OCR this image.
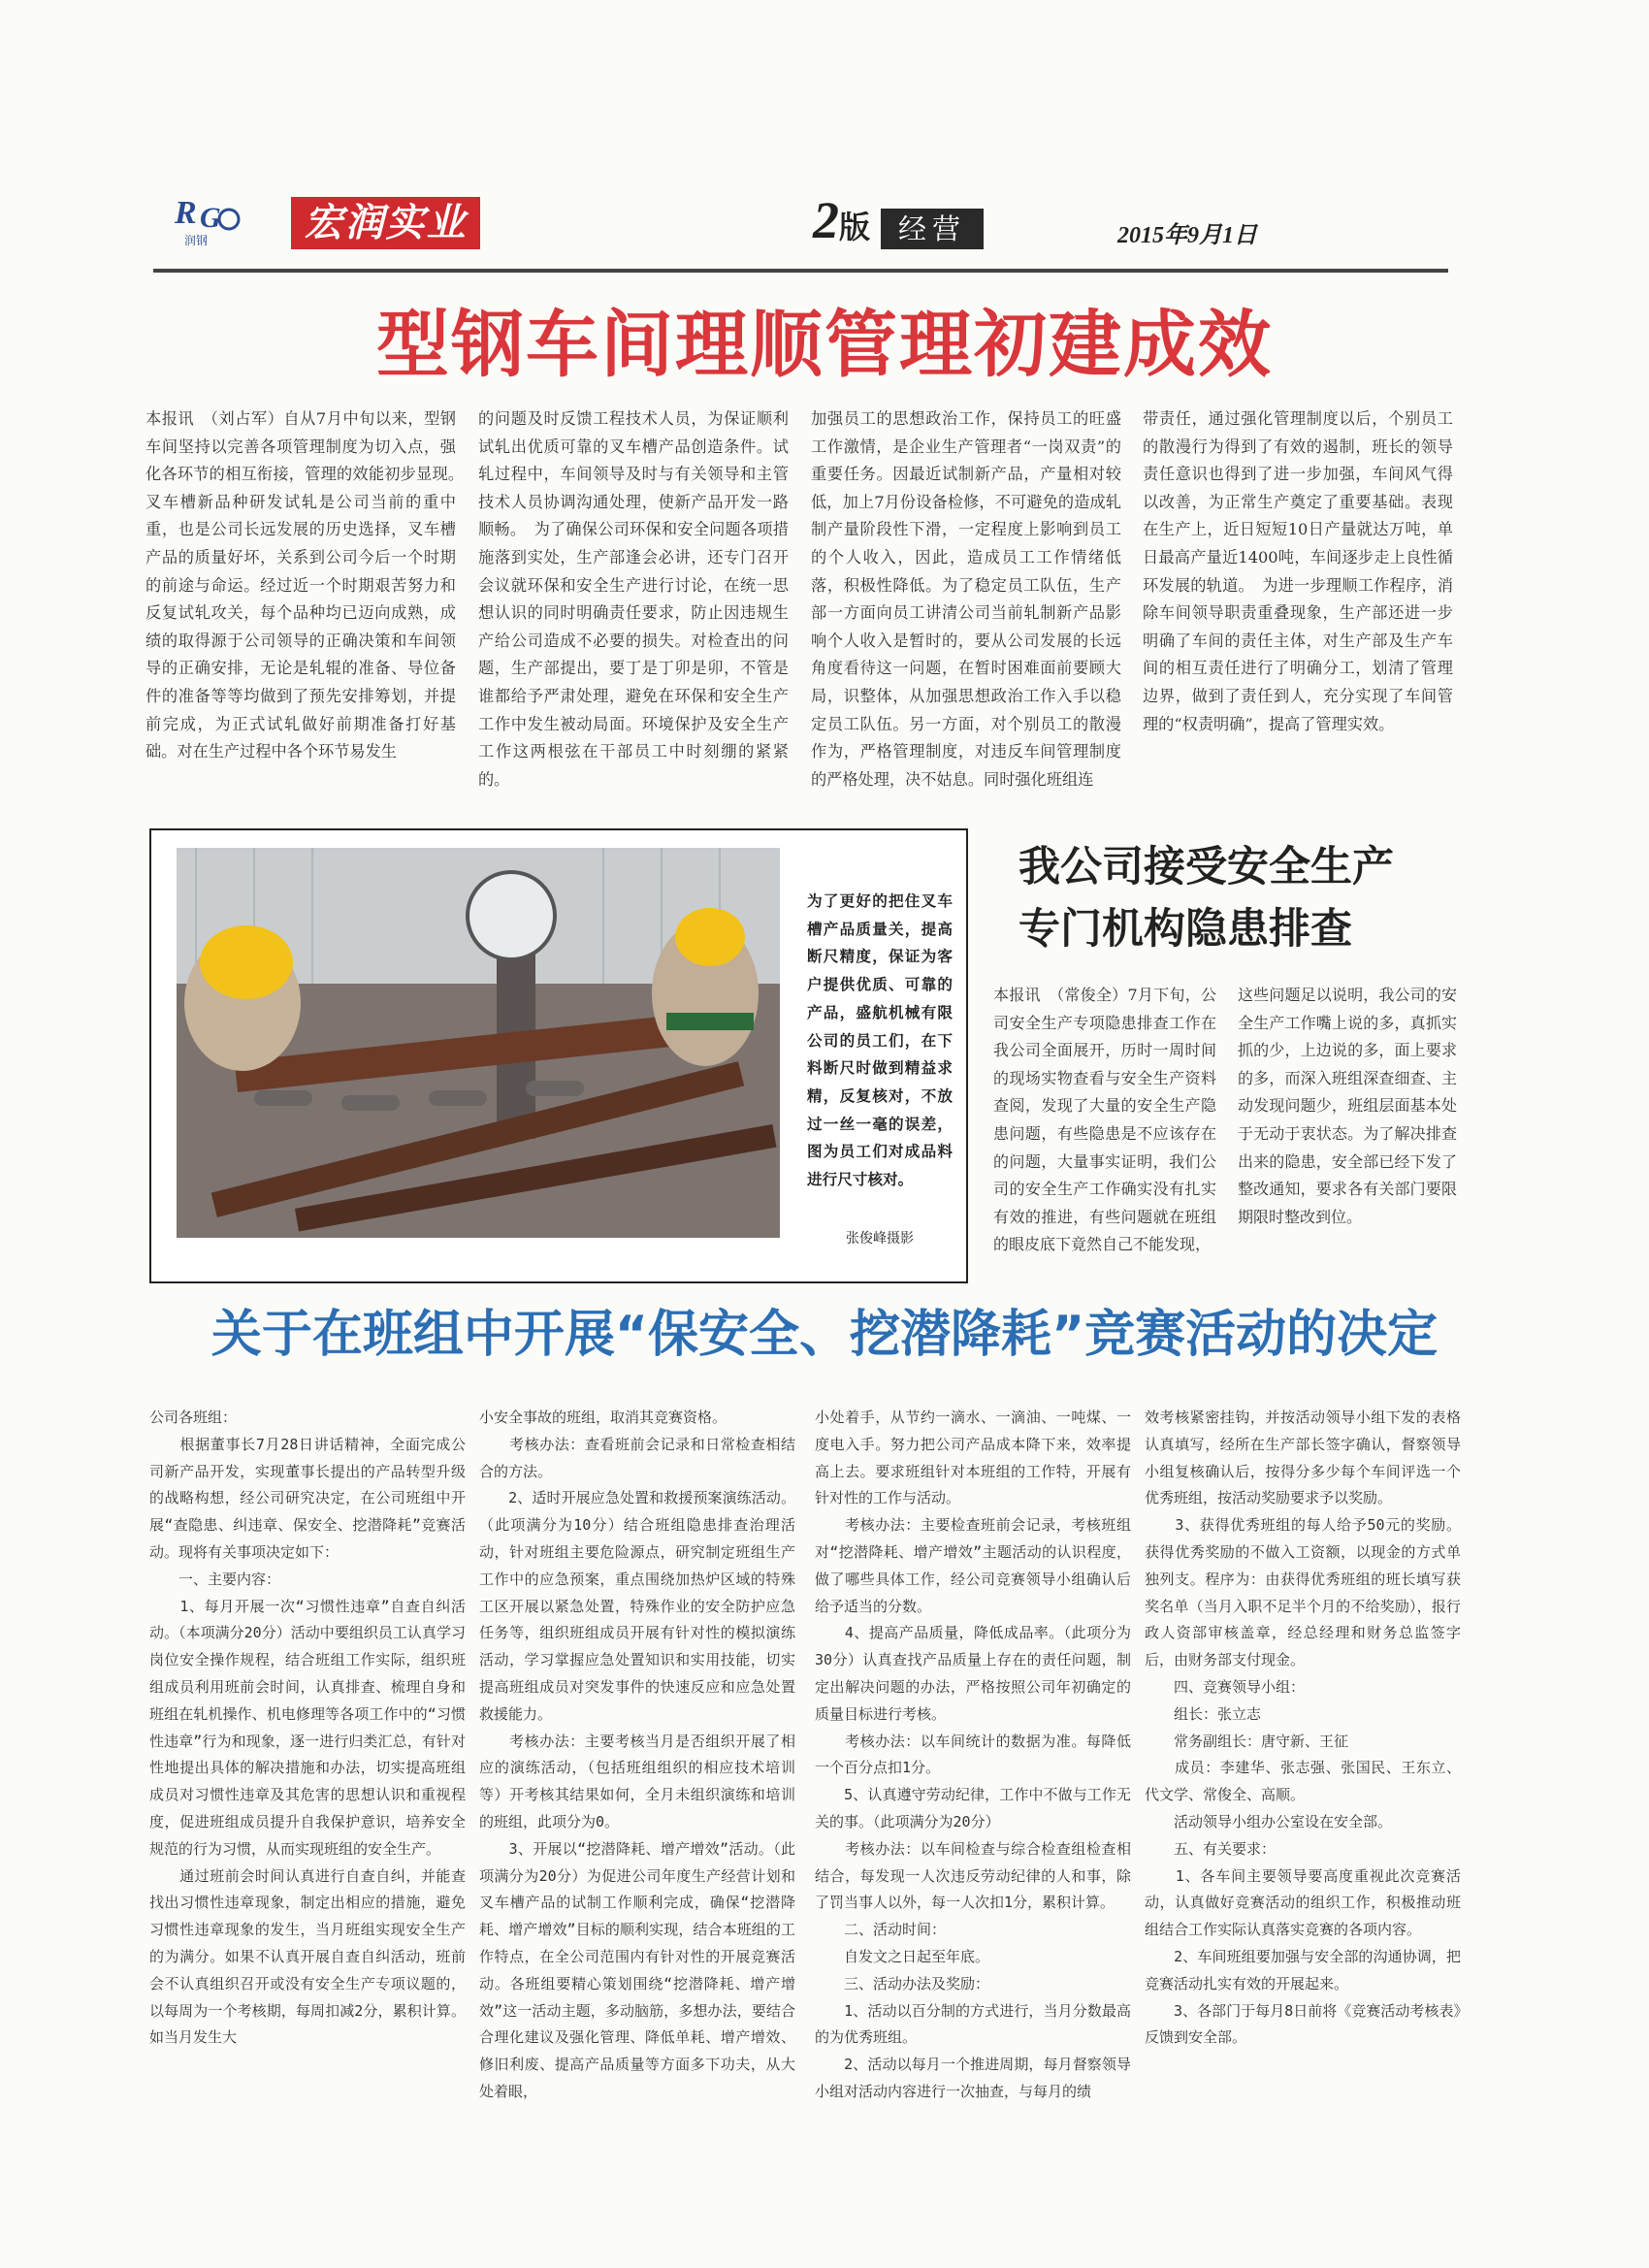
R G
润钢	宏润实业	2版 经营	2015年9月1日
型钢车间理顺管理初建成效
本报讯　（刘占军）自从7月中旬以来，型钢车间坚持以完善各项管理制度为切入点，强化各环节的相互衔接，管理的效能初步显现。　叉车槽新品种研发试轧是公司当前的重中重，也是公司长远发展的历史选择，叉车槽产品的质量好坏，关系到公司今后一个时期的前途与命运。经过近一个时期艰苦努力和反复试轧攻关，每个品种均已迈向成熟，成绩的取得源于公司领导的正确决策和车间领导的正确安排，无论是轧辊的准备、导位备件的准备等等均做到了预先安排筹划，并提前完成，为正式试轧做好前期准备打好基础。对在生产过程中各个环节易发生
的问题及时反馈工程技术人员，为保证顺利试轧出优质可靠的叉车槽产品创造条件。试轧过程中，车间领导及时与有关领导和主管技术人员协调沟通处理，使新产品开发一路顺畅。　为了确保公司环保和安全问题各项措施落到实处，生产部逢会必讲，还专门召开会议就环保和安全生产进行讨论，在统一思想认识的同时明确责任要求，防止因违规生产给公司造成不必要的损失。对检查出的问题，生产部提出，要丁是丁卯是卯，不管是谁都给予严肃处理，避免在环保和安全生产工作中发生被动局面。环境保护及安全生产工作这两根弦在干部员工中时刻绷的紧紧的。
加强员工的思想政治工作，保持员工的旺盛工作激情，是企业生产管理者“一岗双责”的重要任务。因最近试制新产品，产量相对较低，加上7月份设备检修，不可避免的造成轧制产量阶段性下滑，一定程度上影响到员工的个人收入，因此，造成员工工作情绪低落，积极性降低。为了稳定员工队伍，生产部一方面向员工讲清公司当前轧制新产品影响个人收入是暂时的，要从公司发展的长远角度看待这一问题，在暂时困难面前要顾大局，识整体，从加强思想政治工作入手以稳定员工队伍。另一方面，对个别员工的散漫作为，严格管理制度，对违反车间管理制度的严格处理，决不姑息。同时强化班组连
带责任，通过强化管理制度以后，个别员工的散漫行为得到了有效的遏制，班长的领导责任意识也得到了进一步加强，车间风气得以改善，为正常生产奠定了重要基础。表现在生产上，近日短短10日产量就达万吨，单日最高产量近1400吨，车间逐步走上良性循环发展的轨道。　为进一步理顺工作程序，消除车间领导职责重叠现象，生产部还进一步明确了车间的责任主体，对生产部及生产车间的相互责任进行了明确分工，划清了管理边界，做到了责任到人，充分实现了车间管理的“权责明确”，提高了管理实效。
为了更好的把住叉车槽产品质量关，提高断尺精度，保证为客户提供优质、可靠的产品，盛航机械有限公司的员工们，在下料断尺时做到精益求精，反复核对，不放过一丝一毫的误差，图为员工们对成品料进行尺寸核对。
张俊峰摄影
我公司接受安全生产专门机构隐患排查
本报讯　（常俊全）7月下旬，公司安全生产专项隐患排查工作在我公司全面展开，历时一周时间的现场实物查看与安全生产资料查阅，发现了大量的安全生产隐患问题，有些隐患是不应该存在的问题，大量事实证明，我们公司的安全生产工作确实没有扎实有效的推进，有些问题就在班组的眼皮底下竟然自己不能发现，
这些问题足以说明，我公司的安全生产工作嘴上说的多，真抓实抓的少，上边说的多，面上要求的多，而深入班组深查细查、主动发现问题少，班组层面基本处于无动于衷状态。为了解决排查出来的隐患，安全部已经下发了整改通知，要求各有关部门要限期限时整改到位。
关于在班组中开展“保安全、挖潜降耗”竞赛活动的决定
公司各班组：
　　根据董事长7月28日讲话精神，全面完成公司新产品开发，实现董事长提出的产品转型升级的战略构想，经公司研究决定，在公司班组中开展“查隐患、纠违章、保安全、挖潜降耗”竞赛活动。现将有关事项决定如下：
　　一、主要内容：
　　1、每月开展一次“习惯性违章”自查自纠活动。（本项满分20分）活动中要组织员工认真学习岗位安全操作规程，结合班组工作实际，组织班组成员利用班前会时间，认真排查、梳理自身和班组在轧机操作、机电修理等各项工作中的“习惯性违章”行为和现象，逐一进行归类汇总，有针对性地提出具体的解决措施和办法，切实提高班组成员对习惯性违章及其危害的思想认识和重视程度，促进班组成员提升自我保护意识，培养安全规范的行为习惯，从而实现班组的安全生产。
　　通过班前会时间认真进行自查自纠，并能查找出习惯性违章现象，制定出相应的措施，避免习惯性违章现象的发生，当月班组实现安全生产的为满分。如果不认真开展自查自纠活动，班前会不认真组织召开或没有安全生产专项议题的，以每周为一个考核期，每周扣减2分，累积计算。如当月发生大
小安全事故的班组，取消其竞赛资格。
　　考核办法：查看班前会记录和日常检查相结合的方法。
　　2、适时开展应急处置和救援预案演练活动。（此项满分为10分）结合班组隐患排查治理活动，针对班组主要危险源点，研究制定班组生产工作中的应急预案，重点围绕加热炉区域的特殊工区开展以紧急处置，特殊作业的安全防护应急任务等，组织班组成员开展有针对性的模拟演练活动，学习掌握应急处置知识和实用技能，切实提高班组成员对突发事件的快速反应和应急处置救援能力。
　　考核办法：主要考核当月是否组织开展了相应的演练活动，（包括班组组织的相应技术培训等）开考核其结果如何，全月未组织演练和培训的班组，此项分为0。
　　3、开展以“挖潜降耗、增产增效”活动。（此项满分为20分）为促进公司年度生产经营计划和叉车槽产品的试制工作顺利完成，确保“挖潜降耗、增产增效”目标的顺利实现，结合本班组的工作特点，在全公司范围内有针对性的开展竞赛活动。各班组要精心策划围绕“挖潜降耗、增产增效”这一活动主题，多动脑筋，多想办法，要结合合理化建议及强化管理、降低单耗、增产增效、修旧利废、提高产品质量等方面多下功夫，从大处着眼，
小处着手，从节约一滴水、一滴油、一吨煤、一度电入手。努力把公司产品成本降下来，效率提高上去。要求班组针对本班组的工作特，开展有针对性的工作与活动。
　　考核办法：主要检查班前会记录，考核班组对“挖潜降耗、增产增效”主题活动的认识程度，做了哪些具体工作，经公司竞赛领导小组确认后给予适当的分数。
　　4、提高产品质量，降低成品率。（此项分为30分）认真查找产品质量上存在的责任问题，制定出解决问题的办法，严格按照公司年初确定的质量目标进行考核。
　　考核办法：以车间统计的数据为准。每降低一个百分点扣1分。
　　5、认真遵守劳动纪律，工作中不做与工作无关的事。（此项满分为20分）
　　考核办法：以车间检查与综合检查组检查相结合，每发现一人次违反劳动纪律的人和事，除了罚当事人以外，每一人次扣1分，累积计算。
　　二、活动时间：
　　自发文之日起至年底。
　　三、活动办法及奖励：
　　1、活动以百分制的方式进行，当月分数最高的为优秀班组。
　　2、活动以每月一个推进周期，每月督察领导小组对活动内容进行一次抽查，与每月的绩
效考核紧密挂钩，并按活动领导小组下发的表格认真填写，经所在生产部长签字确认，督察领导小组复核确认后，按得分多少每个车间评选一个优秀班组，按活动奖励要求予以奖励。
　　3、获得优秀班组的每人给予50元的奖励。获得优秀奖励的不做入工资额，以现金的方式单独列支。程序为：由获得优秀班组的班长填写获奖名单（当月入职不足半个月的不给奖励），报行政人资部审核盖章，经总经理和财务总监签字后，由财务部支付现金。
　　四、竞赛领导小组：
　　组长：张立志
　　常务副组长：唐守新、王征
　　成员：李建华、张志强、张国民、王东立、代文学、常俊全、高顺。
　　活动领导小组办公室设在安全部。
　　五、有关要求：
　　1、各车间主要领导要高度重视此次竞赛活动，认真做好竞赛活动的组织工作，积极推动班组结合工作实际认真落实竞赛的各项内容。
　　2、车间班组要加强与安全部的沟通协调，把竞赛活动扎实有效的开展起来。
　　3、各部门于每月8日前将《竞赛活动考核表》反馈到安全部。
